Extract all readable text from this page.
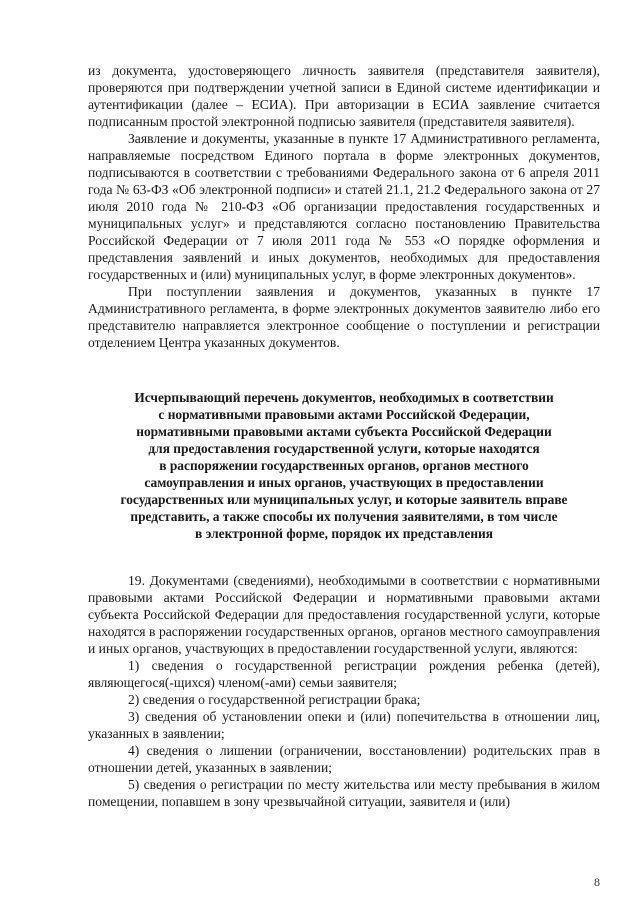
из документа, удостоверяющего личность заявителя (представителя заявителя), проверяются при подтверждении учетной записи в Единой системе идентификации и аутентификации (далее – ЕСИА). При авторизации в ЕСИА заявление считается подписанным простой электронной подписью заявителя (представителя заявителя).

Заявление и документы, указанные в пункте 17 Административного регламента, направляемые посредством Единого портала в форме электронных документов, подписываются в соответствии с требованиями Федерального закона от 6 апреля 2011 года № 63-ФЗ «Об электронной подписи» и статей 21.1, 21.2 Федерального закона от 27 июля 2010 года № 210-ФЗ «Об организации предоставления государственных и муниципальных услуг» и представляются согласно постановлению Правительства Российской Федерации от 7 июля 2011 года № 553 «О порядке оформления и представления заявлений и иных документов, необходимых для предоставления государственных и (или) муниципальных услуг, в форме электронных документов».

При поступлении заявления и документов, указанных в пункте 17 Административного регламента, в форме электронных документов заявителю либо его представителю направляется электронное сообщение о поступлении и регистрации отделением Центра указанных документов.

Исчерпывающий перечень документов, необходимых в соответствии
с нормативными правовыми актами Российской Федерации,
нормативными правовыми актами субъекта Российской Федерации
для предоставления государственной услуги, которые находятся
в распоряжении государственных органов, органов местного
самоуправления и иных органов, участвующих в предоставлении
государственных или муниципальных услуг, и которые заявитель вправе
представить, а также способы их получения заявителями, в том числе
в электронной форме, порядок их представления

19. Документами (сведениями), необходимыми в соответствии с нормативными правовыми актами Российской Федерации и нормативными правовыми актами субъекта Российской Федерации для предоставления государственной услуги, которые находятся в распоряжении государственных органов, органов местного самоуправления и иных органов, участвующих в предоставлении государственной услуги, являются:

1) сведения о государственной регистрации рождения ребенка (детей), являющегося(-щихся) членом(-ами) семьи заявителя;

2) сведения о государственной регистрации брака;

3) сведения об установлении опеки и (или) попечительства в отношении лиц, указанных в заявлении;

4) сведения о лишении (ограничении, восстановлении) родительских прав в отношении детей, указанных в заявлении;

5) сведения о регистрации по месту жительства или месту пребывания в жилом помещении, попавшем в зону чрезвычайной ситуации, заявителя и (или)

8
